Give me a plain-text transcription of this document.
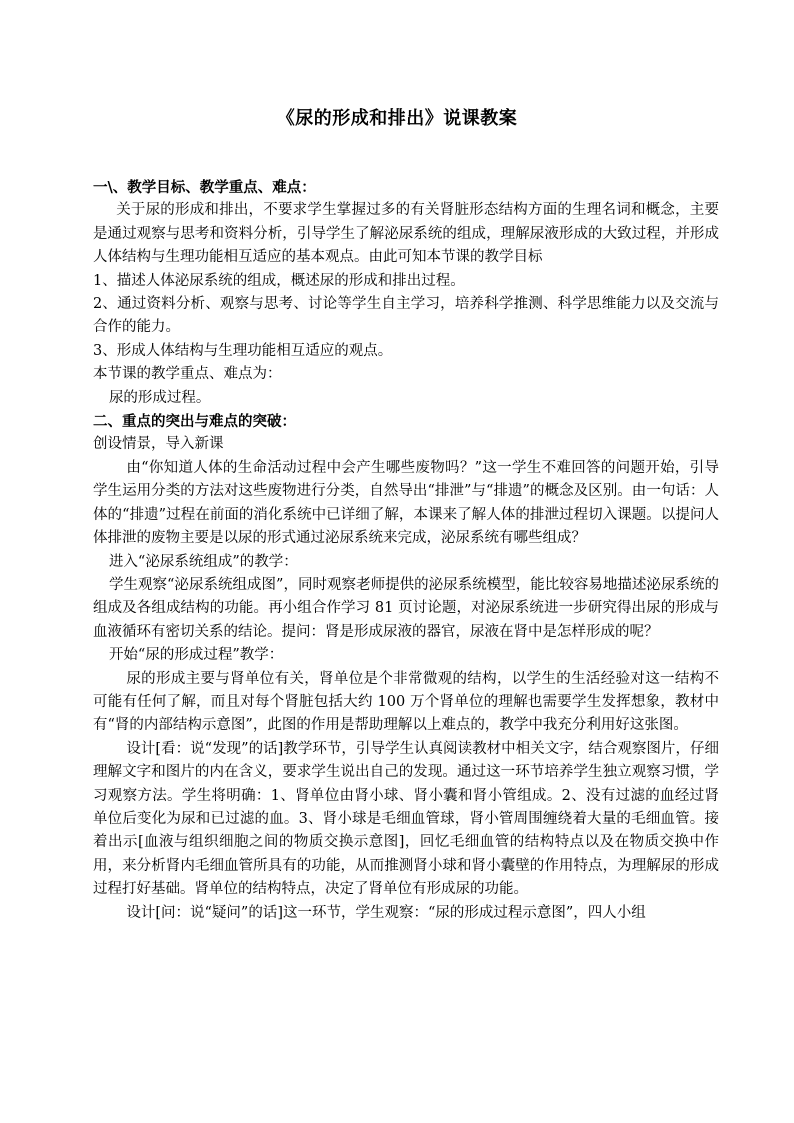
《尿的形成和排出》说课教案

一\、教学目标、教学重点、难点：

关于尿的形成和排出，不要求学生掌握过多的有关肾脏形态结构方面的生理名词和概念，主要是通过观察与思考和资料分析，引导学生了解泌尿系统的组成，理解尿液形成的大致过程，并形成人体结构与生理功能相互适应的基本观点。由此可知本节课的教学目标

1、描述人体泌尿系统的组成，概述尿的形成和排出过程。

2、通过资料分析、观察与思考、讨论等学生自主学习，培养科学推测、科学思维能力以及交流与合作的能力。

3、形成人体结构与生理功能相互适应的观点。

本节课的教学重点、难点为：

尿的形成过程。

二、重点的突出与难点的突破：

创设情景，导入新课

由“你知道人体的生命活动过程中会产生哪些废物吗？”这一学生不难回答的问题开始，引导学生运用分类的方法对这些废物进行分类，自然导出“排泄”与“排遗”的概念及区别。由一句话：人体的“排遗”过程在前面的消化系统中已详细了解，本课来了解人体的排泄过程切入课题。以提问人体排泄的废物主要是以尿的形式通过泌尿系统来完成，泌尿系统有哪些组成？

进入“泌尿系统组成”的教学：

学生观察“泌尿系统组成图”，同时观察老师提供的泌尿系统模型，能比较容易地描述泌尿系统的组成及各组成结构的功能。再小组合作学习 81 页讨论题，对泌尿系统进一步研究得出尿的形成与血液循环有密切关系的结论。提问：肾是形成尿液的器官，尿液在肾中是怎样形成的呢？

开始“尿的形成过程”教学：

尿的形成主要与肾单位有关，肾单位是个非常微观的结构，以学生的生活经验对这一结构不可能有任何了解，而且对每个肾脏包括大约 100 万个肾单位的理解也需要学生发挥想象，教材中有“肾的内部结构示意图”，此图的作用是帮助理解以上难点的，教学中我充分利用好这张图。

设计[看：说“发现”的话]教学环节，引导学生认真阅读教材中相关文字，结合观察图片，仔细理解文字和图片的内在含义，要求学生说出自己的发现。通过这一环节培养学生独立观察习惯，学习观察方法。学生将明确：1、肾单位由肾小球、肾小囊和肾小管组成。2、没有过滤的血经过肾单位后变化为尿和已过滤的血。3、肾小球是毛细血管球，肾小管周围缠绕着大量的毛细血管。接着出示[血液与组织细胞之间的物质交换示意图]，回忆毛细血管的结构特点以及在物质交换中作用，来分析肾内毛细血管所具有的功能，从而推测肾小球和肾小囊壁的作用特点，为理解尿的形成过程打好基础。肾单位的结构特点，决定了肾单位有形成尿的功能。

设计[问：说“疑问”的话]这一环节，学生观察：“尿的形成过程示意图”，四人小组
